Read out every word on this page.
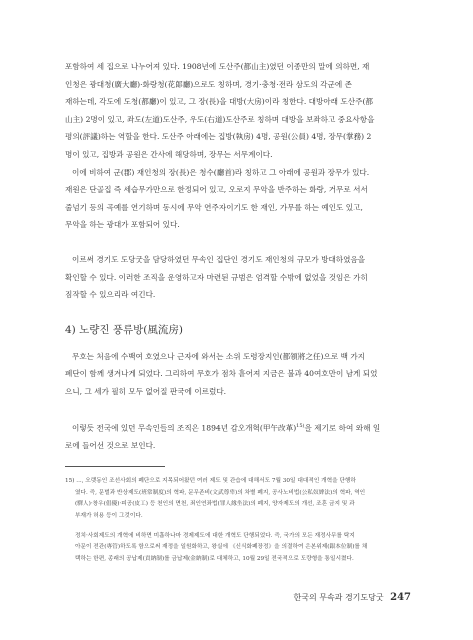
포함하여 세 집으로 나누어져 있다. 1908년에 도산주(都山主)였던 이종만의 말에 의하면, 재

인청은 광대청(廣大廳)·화랑청(花郞廳)으로도 칭하며, 경기·충청·전라 삼도의 각군에 존

재하는데, 각도에 도청(都廳)이 있고, 그 장(長)을 대방(大房)이라 칭한다. 대방아래 도산주(都

山主) 2명이 있고, 좌도(左道)도산주, 우도(右道)도산주로 칭하며 대방을 보좌하고 중요사항을

평의(評議)하는 역할을 한다. 도산주 아래에는 집방(執房) 4명, 공원(公員) 4명, 장무(掌務) 2

명이 있고, 집방과 공원은 간사에 해당하며, 장무는 서무계이다.

이에 비하여 군(郡) 재인청의 장(長)은 청수(廳首)라 칭하고 그 아래에 공원과 장무가 있다.

재원은 단골집 즉 세습무가만으로 한정되어 있고, 오로지 무악을 반주하는 화랑, 거무로 서서

줄넘기 등의 곡예를 연기하며 동시에 무악 연주자이기도 한 재인, 가무를 하는 예인도 있고,

무악을 하는 광대가 포함되어 있다.

이르써 경기도 도당굿을 담당하였던 무속인 집단인 경기도 재인청의 규모가 방대하였음을

확인할 수 있다. 이러한 조직을 운영하고자 마련된 규범은 엄격할 수밖에 없었을 것임은 가히

짐작할 수 있으리라 여긴다.

4) 노량진 풍류방(風流房)

무호는 처음에 수백여 호였으나 근자에 와서는 소위 도령장지인(都領將之任)으로 백 가지

폐단이 함께 생겨나게 되었다. 그리하여 무호가 점차 흩어져 지금은 불과 40여호만이 남게 되었

으니, 그 세가 필히 모두 없어질 판국에 이르렀다.

이렇듯 전국에 있던 무속인들의 조직은 1894년 갑오개혁(甲午改革)$^{15)}$을 제기로 하여 와해 일

로에 들어선 것으로 보인다.

15) ..., 오랫동인 조선사회의 폐단으로 지목되어왔던 여러 제도 및 관습에 대해서도 7월 30일 대대적인 개혁을 단행하

였다. 즉, 문벌과 반상제도(班常制度)의 혁파, 문무존비(文武尊卑)의 차별 폐지, 공사노비법(公私奴婢法)의 혁파, 역인

(驛人)·창우(倡優)·피공(皮工) 등 천인의 면천, 죄인연좌법(罪人緣坐法)의 폐지, 양자제도의 개선, 조혼 금지 및 과

부재가 허용 등이 그것이다.

정치·사회제도의 개혁에 비하면 미흡하나마 경제제도에 대한 개혁도 단행되었다. 즉, 국가의 모든 재정사무를 탁지

아문이 전관(專管)하도록 함으로써 재정을 일원화하고, 왕실에 《신식화폐장정》을 의결하여 은본위제(銀本位制)를 채

택하는 한편, 종래의 공납제(貢納制)를 금납제(金納制)로 대체하고, 10월 29일 전국적으로 도량형을 통일시켰다.

한국의 무속과 경기도당굿 247
